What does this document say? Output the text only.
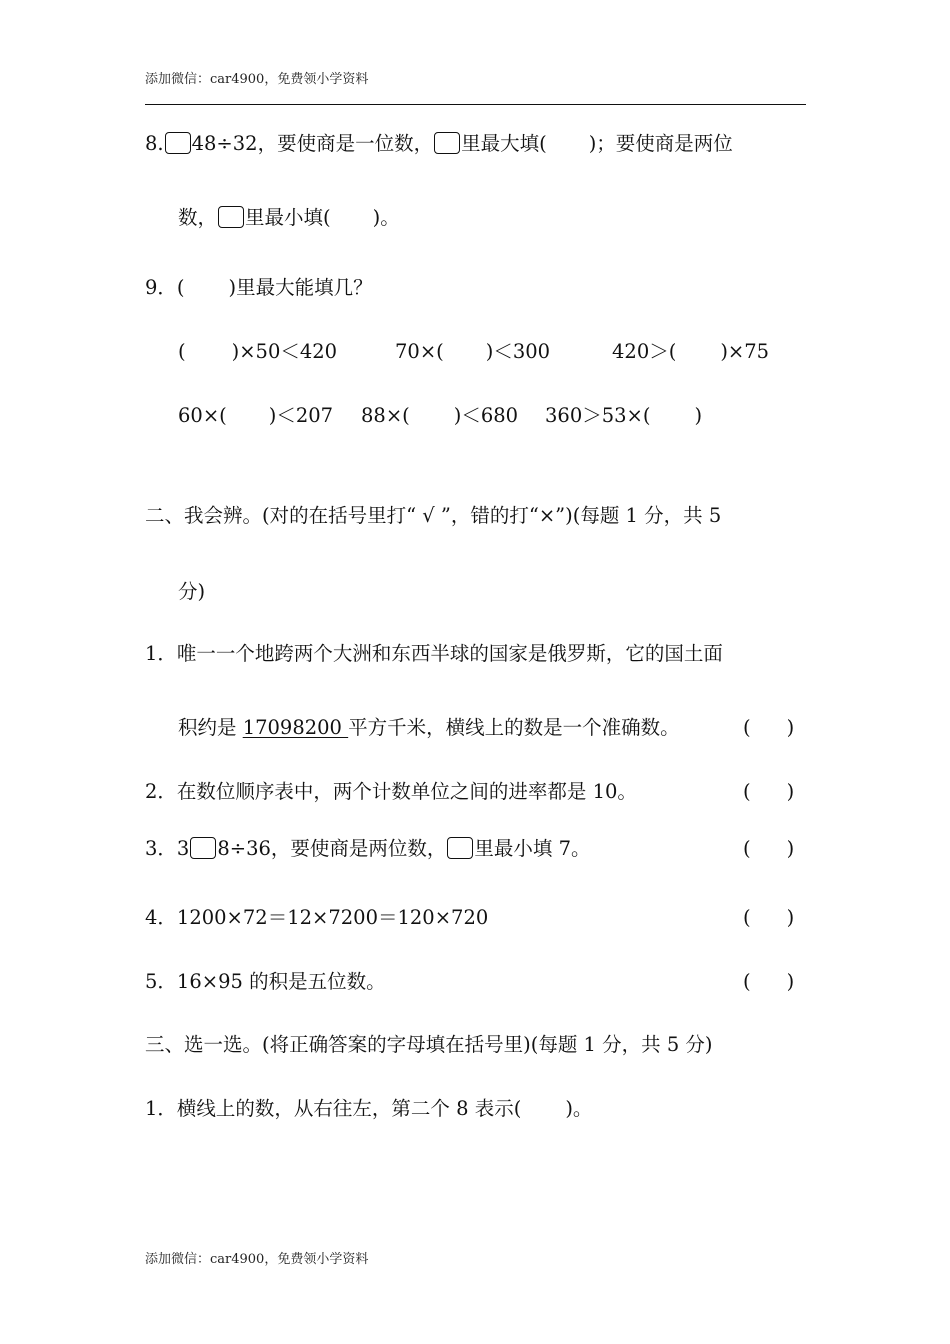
添加微信：car4900，免费领小学资料
8. 48÷32，要使商是一位数， 里最大填( )；要使商是两位
数， 里最小填( )。
9．( )里最大能填几？
( )×50＜420	70×( )＜300	420＞( )×75
60×( )＜207 88×( )＜680 360＞53×( )
二、我会辨。(对的在括号里打“ √ ”，错的打“×”)(每题 1 分，共 5
分)
1．唯一一个地跨两个大洲和东西半球的国家是俄罗斯，它的国土面
积约是 17098200 平方千米，横线上的数是一个准确数。	( )
2．在数位顺序表中，两个计数单位之间的进率都是 10。	( )
3．3 8÷36，要使商是两位数， 里最小填 7。	( )
4．1200×72＝12×7200＝120×720	( )
5．16×95 的积是五位数。	( )
三、选一选。(将正确答案的字母填在括号里)(每题 1 分，共 5 分)
1．横线上的数，从右往左，第二个 8 表示( )。
添加微信：car4900，免费领小学资料
